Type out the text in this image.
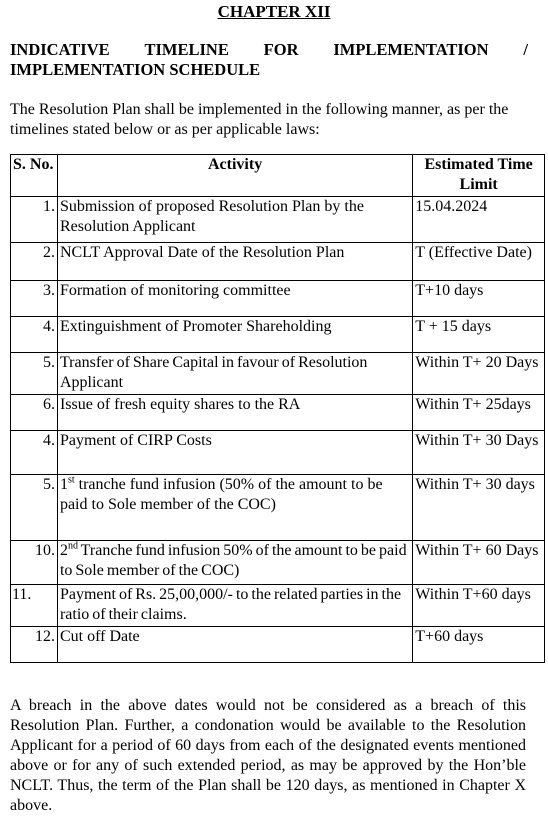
CHAPTER XII
INDICATIVE TIMELINE FOR IMPLEMENTATION /
IMPLEMENTATION SCHEDULE
The Resolution Plan shall be implemented in the following manner, as per the timelines stated below or as per applicable laws:
S. No.	Activity	Estimated Time Limit
1.	Submission of proposed Resolution Plan by the Resolution Applicant	15.04.2024
2.	NCLT Approval Date of the Resolution Plan	T (Effective Date)
3.	Formation of monitoring committee	T+10 days
4.	Extinguishment of Promoter Shareholding	T + 15 days
5.	Transfer of Share Capital in favour of Resolution Applicant	Within T+ 20 Days
6.	Issue of fresh equity shares to the RA	Within T+ 25days
4.	Payment of CIRP Costs	Within T+ 30 Days
5.	1st tranche fund infusion (50% of the amount to be paid to Sole member of the COC)	Within T+ 30 days
10.	2nd Tranche fund infusion 50% of the amount to be paid to Sole member of the COC)	Within T+ 60 Days
11.	Payment of Rs. 25,00,000/- to the related parties in the ratio of their claims.	Within T+60 days
12.	Cut off Date	T+60 days
A breach in the above dates would not be considered as a breach of this Resolution Plan. Further, a condonation would be available to the Resolution Applicant for a period of 60 days from each of the designated events mentioned above or for any of such extended period, as may be approved by the Hon’ble NCLT. Thus, the term of the Plan shall be 120 days, as mentioned in Chapter X above.
